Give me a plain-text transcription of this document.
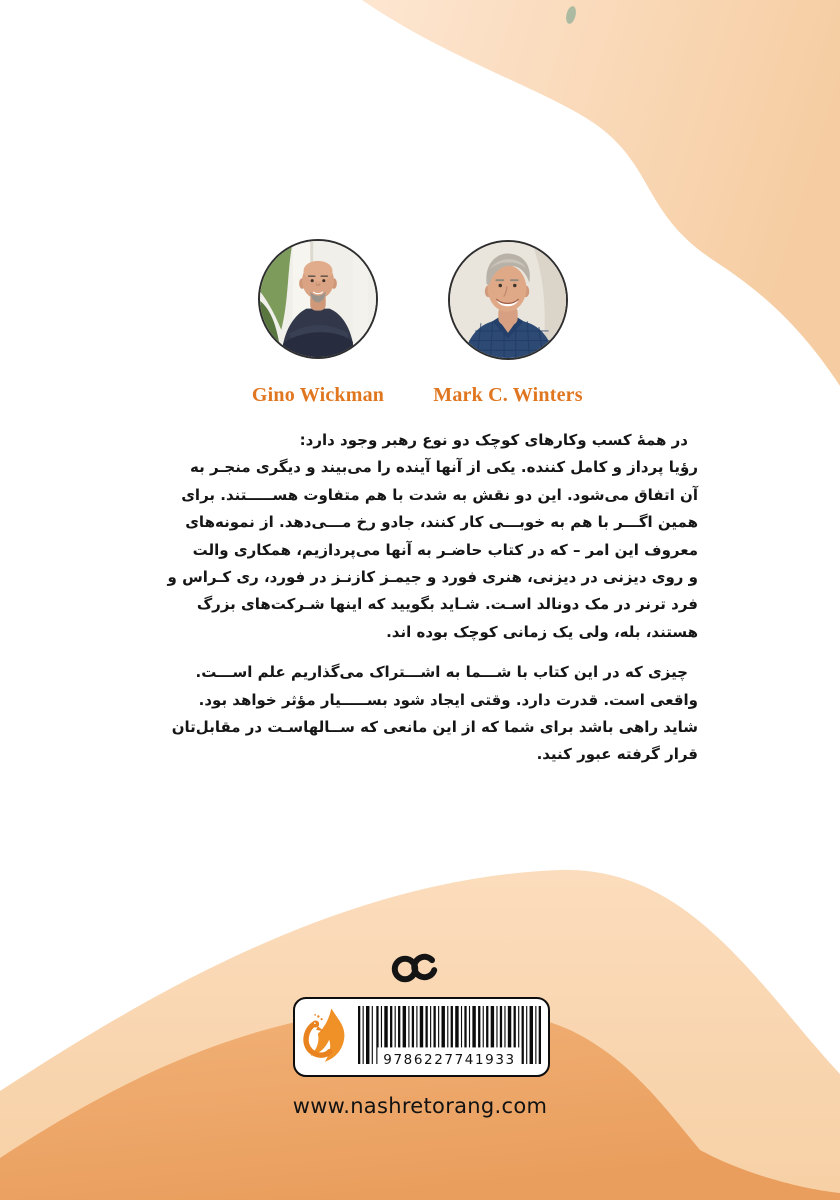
Gino Wickman	Mark C. Winters
در همهٔ کسب وکارهای کوچک دو نوع رهبر وجود دارد:
رؤیا پرداز و کامل کننده. یکی از آنها آینده را می‌بیند و دیگری منجـر به
آن اتفاق می‌شود. این دو نقش به شدت با هم متفاوت هســـــتند. برای
همین اگـــر با هم به خوبـــی کار کنند، جادو رخ مـــی‌دهد. از نمونه‌های
معروف این امر – که در کتاب حاضـر به آنها می‌پردازیم، همکاری والت
و روی دیزنی در دیزنی، هنری فورد و جیمـز کازنـز در فورد، ری کـراس و
فرد ترنر در مک دونالد اسـت. شـاید بگویید که اینها شـرکت‌های بزرگ
هستند، بله، ولی یک زمانی کوچک بوده اند.
چیزی که در این کتاب با شـــما به اشـــتراک می‌گذاریم علم اســـت.
واقعی است. قدرت دارد. وقتی ایجاد شود بســـــیار مؤثر خواهد بود.
شاید راهی باشد برای شما که از این مانعی که ســالهاسـت در مقابل‌تان
قرار گرفته عبور کنید.
9786227741933
www.nashretorang.com
